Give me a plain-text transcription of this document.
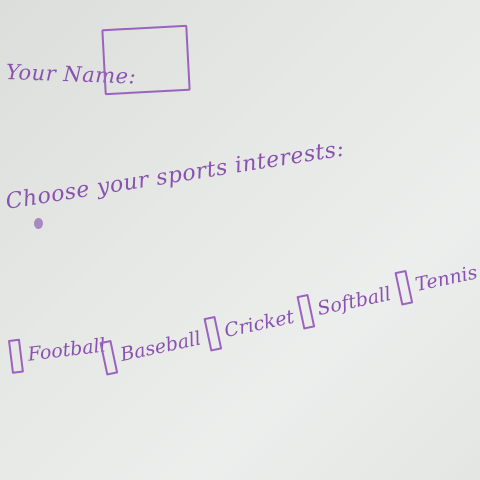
Your Name:
Choose your sports interests:
Football Baseball
Cricket
Softball
Tennis
